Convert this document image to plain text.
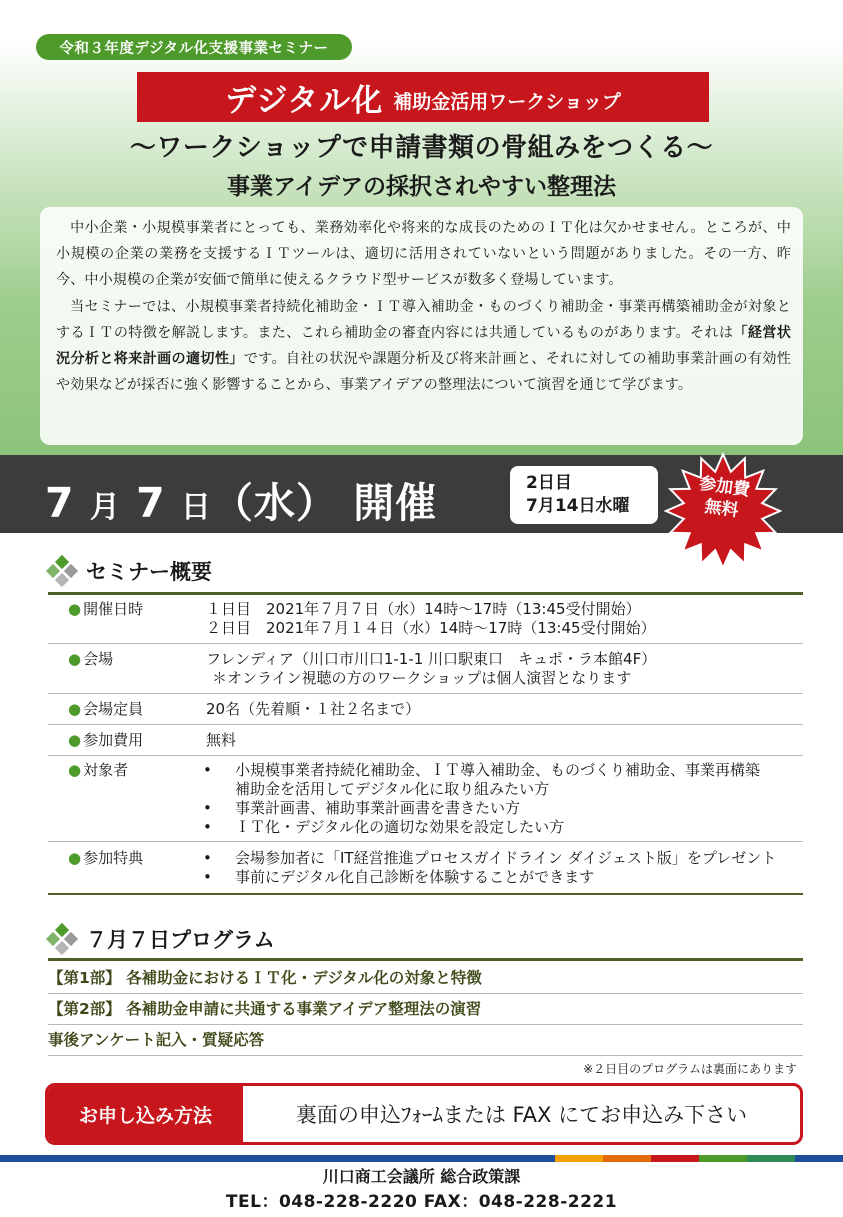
令和３年度デジタル化支援事業セミナー
デジタル化 補助金活用ワークショップ
～ワークショップで申請書類の骨組みをつくる～
事業アイデアの採択されやすい整理法

中小企業・小規模事業者にとっても、業務効率化や将来的な成長のためのＩＴ化は欠かせません。ところが、中小規模の企業の業務を支援するＩＴツールは、適切に活用されていないという問題がありました。その一方、昨今、中小規模の企業が安価で簡単に使えるクラウド型サービスが数多く登場しています。

当セミナーでは、小規模事業者持続化補助金・ＩＴ導入補助金・ものづくり補助金・事業再構築補助金が対象とするＩＴの特徴を解説します。また、これら補助金の審査内容には共通しているものがあります。それは「経営状況分析と将来計画の適切性」です。自社の状況や課題分析及び将来計画と、それに対しての補助事業計画の有効性や効果などが採否に強く影響することから、事業アイデアの整理法について演習を通じて学びます。

7 月 7 日（水） 開催	2日目
7月14日水曜
参加費
無料
セミナー概要
● 開催日時	１日目　2021年７月７日（水）14時～17時（13:45受付開始）
２日目　2021年７月１４日（水）14時～17時（13:45受付開始）
● 会場	フレンディア（川口市川口1-1-1 川口駅東口　キュポ・ラ本館4F）
＊オンライン視聴の方のワークショップは個人演習となります
● 会場定員	20名（先着順・１社２名まで）
● 参加費用	無料
● 対象者	• 小規模事業者持続化補助金、ＩＴ導入補助金、ものづくり補助金、事業再構築
補助金を活用してデジタル化に取り組みたい方
• 事業計画書、補助事業計画書を書きたい方
• ＩＴ化・デジタル化の適切な効果を設定したい方
● 参加特典	• 会場参加者に「IT経営推進プロセスガイドライン ダイジェスト版」をプレゼント
• 事前にデジタル化自己診断を体験することができます
７月７日プログラム
【第1部】 各補助金におけるＩＴ化・デジタル化の対象と特徴
【第2部】 各補助金申請に共通する事業アイデア整理法の演習
事後アンケート記入・質疑応答
※２日目のプログラムは裏面にあります
お申し込み方法	裏面の申込ﾌｫｰﾑまたは FAX にてお申込み下さい
川口商工会議所 総合政策課
TEL：048-228-2220 FAX：048-228-2221
